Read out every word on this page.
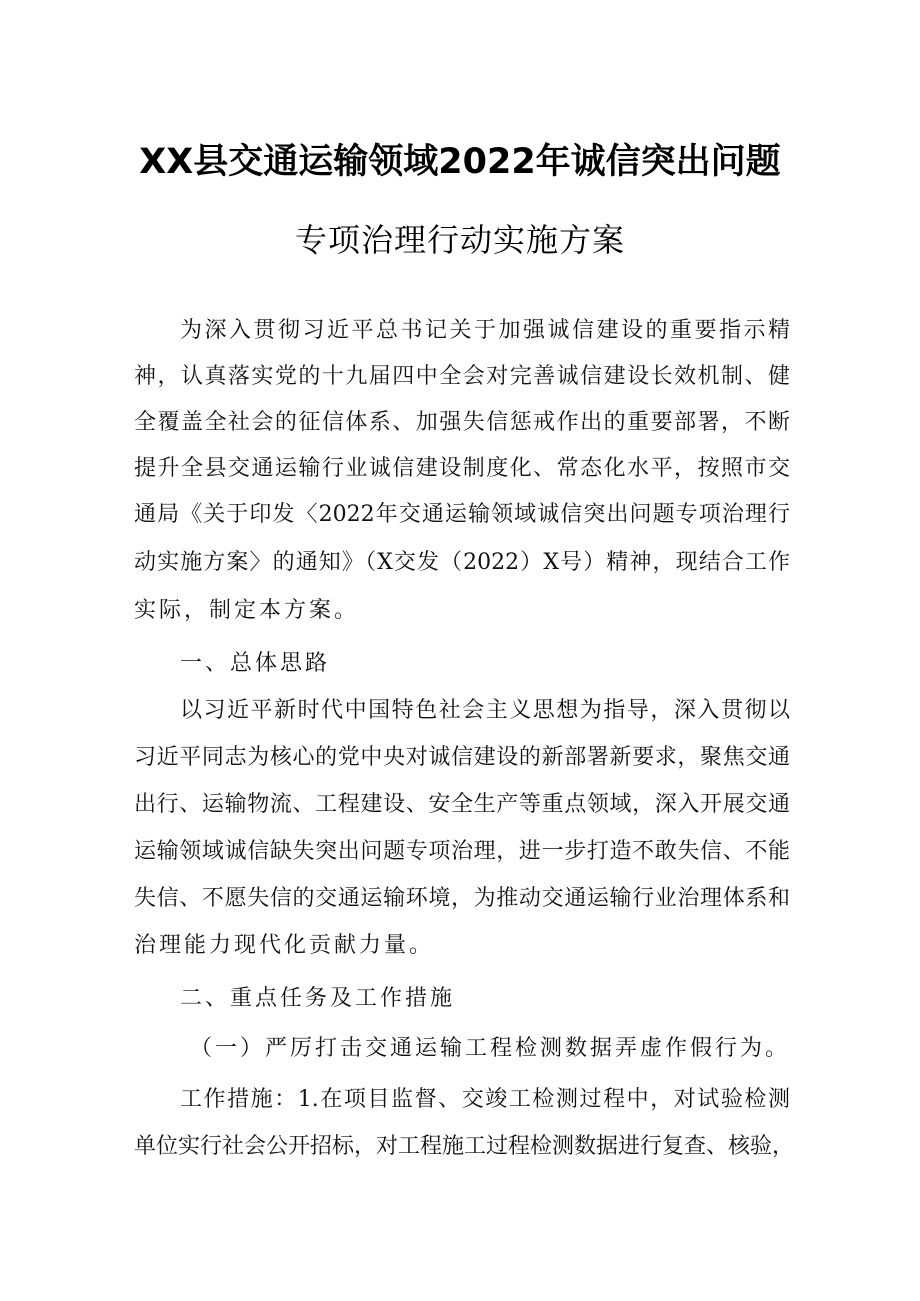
XX县交通运输领域2022年诚信突出问题
专项治理行动实施方案

为深入贯彻习近平总书记关于加强诚信建设的重要指示精

神，认真落实党的十九届四中全会对完善诚信建设长效机制、健

全覆盖全社会的征信体系、加强失信惩戒作出的重要部署，不断

提升全县交通运输行业诚信建设制度化、常态化水平，按照市交

通局《关于印发〈2022年交通运输领域诚信突出问题专项治理行

动实施方案〉的通知》（X交发（2022）X号）精神，现结合工作

实际，制定本方案。

一、总体思路

以习近平新时代中国特色社会主义思想为指导，深入贯彻以

习近平同志为核心的党中央对诚信建设的新部署新要求，聚焦交通

出行、运输物流、工程建设、安全生产等重点领域，深入开展交通

运输领域诚信缺失突出问题专项治理，进一步打造不敢失信、不能

失信、不愿失信的交通运输环境，为推动交通运输行业治理体系和

治理能力现代化贡献力量。

二、重点任务及工作措施

（一）严厉打击交通运输工程检测数据弄虚作假行为。

工作措施：1.在项目监督、交竣工检测过程中，对试验检测

单位实行社会公开招标，对工程施工过程检测数据进行复查、核验，
